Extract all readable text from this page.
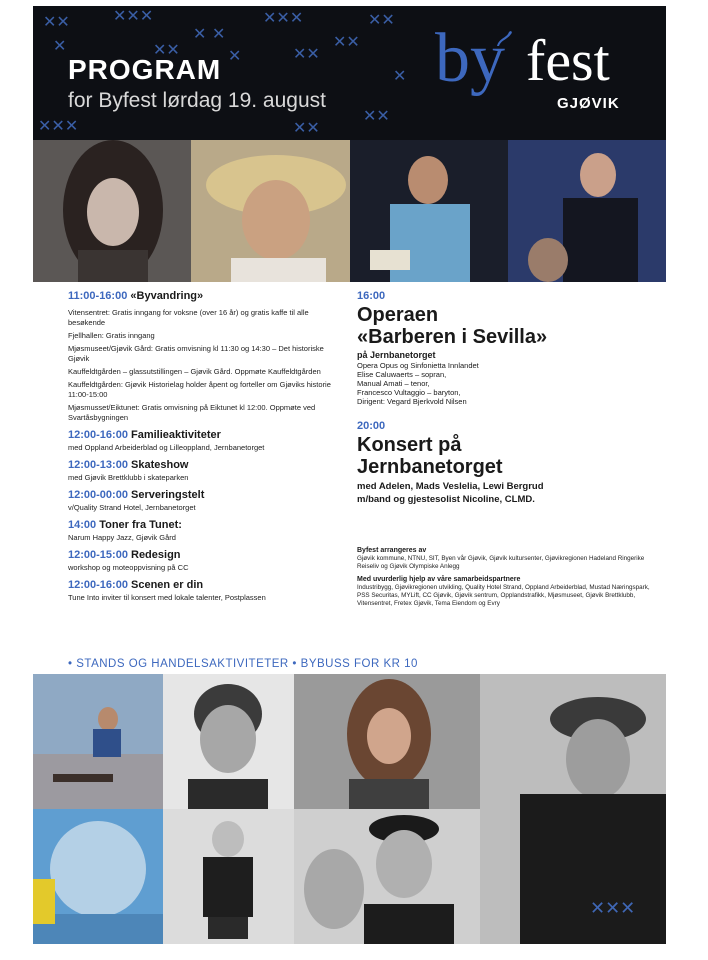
✕✕	✕✕✕
✕ ✕
✕✕✕
✕✕
✕✕
✕	✕✕	✕	✕✕
✕✕✕	✕✕
✕✕
✕
PROGRAM
for Byfest lørdag 19. august
by fest
GJØVIK

11:00-16:00 «Byvandring»

Vitensentret: Gratis inngang for voksne (over 16 år) og gratis kaffe til alle besøkende

Fjellhallen: Gratis inngang

Mjøsmuseet/Gjøvik Gård: Gratis omvisning kl 11:30 og 14:30 – Det historiske Gjøvik

Kauffeldtgården – glassutstillingen – Gjøvik Gård. Oppmøte Kauffeldtgården

Kauffeldtgården: Gjøvik Historielag holder åpent og forteller om Gjøviks historie 11:00-15:00

Mjøsmusset/Eiktunet: Gratis omvisning på Eiktunet kl 12:00. Oppmøte ved Svartåsbygningen

12:00-16:00 Familieaktiviteter

med Oppland Arbeiderblad og Lilleoppland, Jernbanetorget

12:00-13:00 Skateshow

med Gjøvik Brettklubb i skateparken

12:00-00:00 Serveringstelt

v/Quality Strand Hotel, Jernbanetorget

14:00 Toner fra Tunet:

Narum Happy Jazz, Gjøvik Gård

12:00-15:00 Redesign

workshop og moteoppvisning på CC

12:00-16:00 Scenen er din

Tune Into inviter til konsert med lokale talenter, Postplassen

16:00

Operaen

«Barberen i Sevilla»

på Jernbanetorget

Opera Opus og Sinfonietta Innlandet

Elise Caluwaerts – sopran,

Manual Amati – tenor,

Francesco Vultaggio – baryton,

Dirigent: Vegard Bjerkvold Nilsen

20:00

Konsert på

Jernbanetorget

med Adelen, Mads Veslelia, Lewi Bergrud

m/band og gjestesolist Nicoline, CLMD.

Byfest arrangeres av

Gjøvik kommune, NTNU, SIT, Byen vår Gjøvik, Gjøvik kultursenter, Gjøvikregionen Hadeland Ringerike Reiseliv og Gjøvik Olympiske Anlegg

Med uvurderlig hjelp av våre samarbeidspartnere

Industribygg, Gjøvikregionen utvikling, Quality Hotel Strand, Oppland Arbeiderblad, Mustad Næringspark, PSS Securitas, MYLift, CC Gjøvik, Gjøvik sentrum, Opplandstrafikk, Mjøsmuseet, Gjøvik Brettklubb, Vitensentret, Fretex Gjøvik, Tema Eiendom og Evry

• STANDS OG HANDELSAKTIVITETER • BYBUSS FOR KR 10
✕✕✕
